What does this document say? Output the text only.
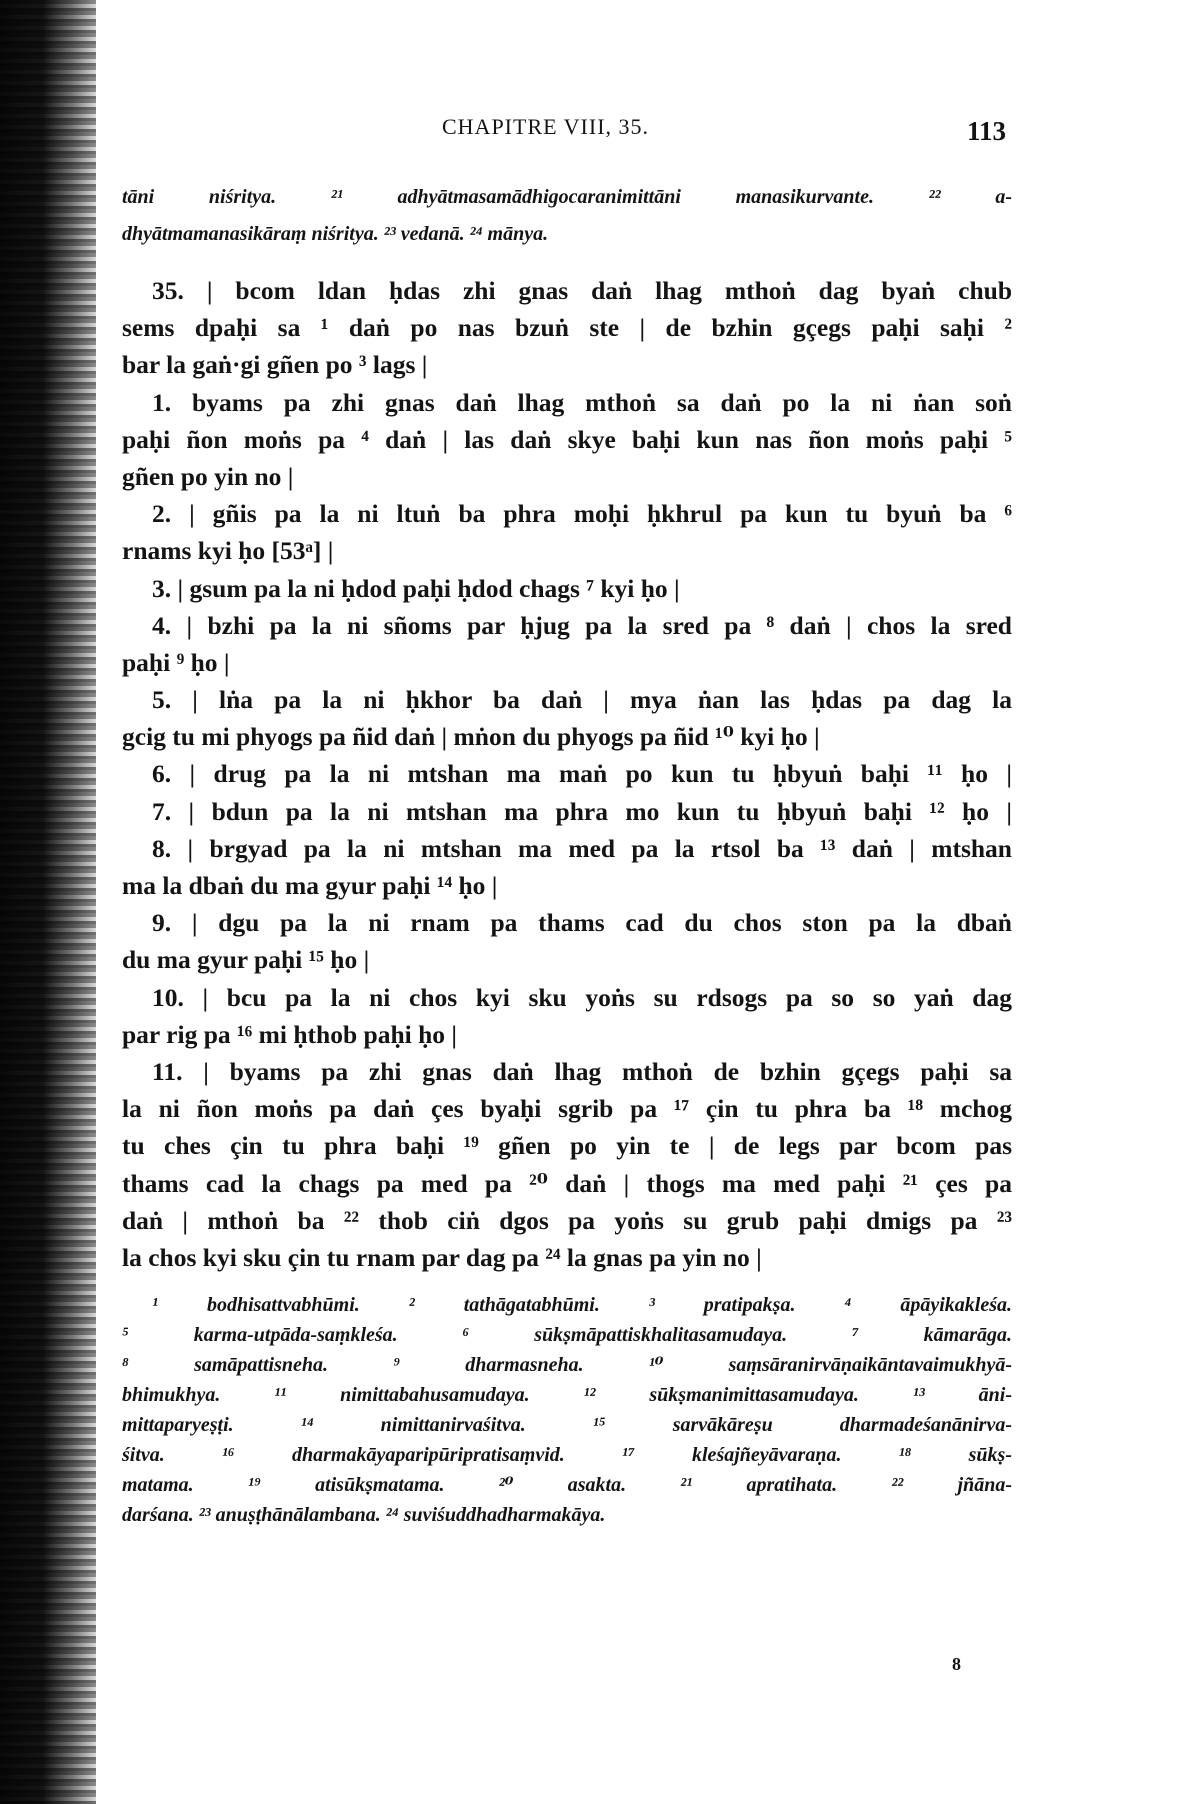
CHAPITRE VIII, 35.	113
tāni niśritya. ²¹ adhyātmasamādhigocaranimittāni manasikurvante. ²² a-
dhyātmamanasikāraṃ niśritya. ²³ vedanā. ²⁴ mānya.
35. | bcom ldan ḥdas zhi gnas daṅ lhag mthoṅ dag byaṅ chub
sems dpaḥi sa ¹ daṅ po nas bzuṅ ste | de bzhin gçegs paḥi saḥi ²
bar la gaṅ·gi gñen po ³ lags |
1. byams pa zhi gnas daṅ lhag mthoṅ sa daṅ po la ni ṅan soṅ
paḥi ñon moṅs pa ⁴ daṅ | las daṅ skye baḥi kun nas ñon moṅs paḥi ⁵
gñen po yin no |
2. | gñis pa la ni ltuṅ ba phra moḥi ḥkhrul pa kun tu byuṅ ba ⁶
rnams kyi ḥo [53ᵃ] |
3. | gsum pa la ni ḥdod paḥi ḥdod chags ⁷ kyi ḥo |
4. | bzhi pa la ni sñoms par ḥjug pa la sred pa ⁸ daṅ | chos la sred
paḥi ⁹ ḥo |
5. | lṅa pa la ni ḥkhor ba daṅ | mya ṅan las ḥdas pa dag la
gcig tu mi phyogs pa ñid daṅ | mṅon du phyogs pa ñid ¹⁰ kyi ḥo |
6. | drug pa la ni mtshan ma maṅ po kun tu ḥbyuṅ baḥi ¹¹ ḥo |
7. | bdun pa la ni mtshan ma phra mo kun tu ḥbyuṅ baḥi ¹² ḥo |
8. | brgyad pa la ni mtshan ma med pa la rtsol ba ¹³ daṅ | mtshan
ma la dbaṅ du ma gyur paḥi ¹⁴ ḥo |
9. | dgu pa la ni rnam pa thams cad du chos ston pa la dbaṅ
du ma gyur paḥi ¹⁵ ḥo |
10. | bcu pa la ni chos kyi sku yoṅs su rdsogs pa so so yaṅ dag
par rig pa ¹⁶ mi ḥthob paḥi ḥo |
11. | byams pa zhi gnas daṅ lhag mthoṅ de bzhin gçegs paḥi sa
la ni ñon moṅs pa daṅ çes byaḥi sgrib pa ¹⁷ çin tu phra ba ¹⁸ mchog
tu ches çin tu phra baḥi ¹⁹ gñen po yin te | de legs par bcom pas
thams cad la chags pa med pa ²⁰ daṅ | thogs ma med paḥi ²¹ çes pa
daṅ | mthoṅ ba ²² thob ciṅ dgos pa yoṅs su grub paḥi dmigs pa ²³
la chos kyi sku çin tu rnam par dag pa ²⁴ la gnas pa yin no |
¹ bodhisattvabhūmi. ² tathāgatabhūmi. ³ pratipakṣa. ⁴ āpāyikakleśa.
⁵ karma-utpāda-saṃkleśa. ⁶ sūkṣmāpattiskhalitasamudaya. ⁷ kāmarāga.
⁸ samāpattisneha. ⁹ dharmasneha. ¹⁰ saṃsāranirvāṇaikāntavaimukhyā-
bhimukhya. ¹¹ nimittabahusamudaya. ¹² sūkṣmanimittasamudaya. ¹³ āni-
mittaparyeṣṭi. ¹⁴ nimittanirvaśitva. ¹⁵ sarvākāreṣu dharmadeśanānirva-
śitva. ¹⁶ dharmakāyaparipūripratisaṃvid. ¹⁷ kleśajñeyāvaraṇa. ¹⁸ sūkṣ-
matama. ¹⁹ atisūkṣmatama. ²⁰ asakta. ²¹ apratihata. ²² jñāna-
darśana. ²³ anuṣṭhānālambana. ²⁴ suviśuddhadharmakāya.
8
